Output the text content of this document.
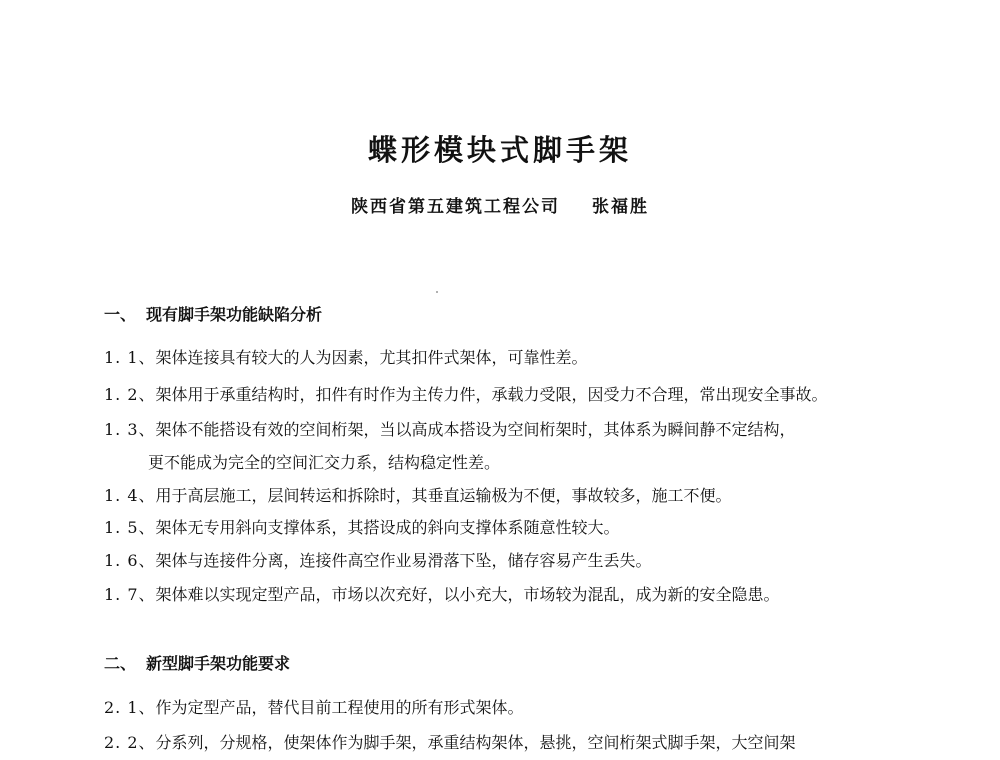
蝶形模块式脚手架
陕西省第五建筑工程公司 张福胜
一、 现有脚手架功能缺陷分析
1. 1、架体连接具有较大的人为因素，尤其扣件式架体，可靠性差。
1. 2、架体用于承重结构时，扣件有时作为主传力件，承载力受限，因受力不合理，常出现安全事故。
1. 3、架体不能搭设有效的空间桁架，当以高成本搭设为空间桁架时，其体系为瞬间静不定结构，
更不能成为完全的空间汇交力系，结构稳定性差。
1. 4、用于高层施工，层间转运和拆除时，其垂直运输极为不便，事故较多，施工不便。
1. 5、架体无专用斜向支撑体系，其搭设成的斜向支撑体系随意性较大。
1. 6、架体与连接件分离，连接件高空作业易滑落下坠，储存容易产生丢失。
1. 7、架体难以实现定型产品，市场以次充好，以小充大，市场较为混乱，成为新的安全隐患。
二、 新型脚手架功能要求
2. 1、作为定型产品，替代目前工程使用的所有形式架体。
2. 2、分系列，分规格，使架体作为脚手架，承重结构架体，悬挑，空间桁架式脚手架，大空间架
